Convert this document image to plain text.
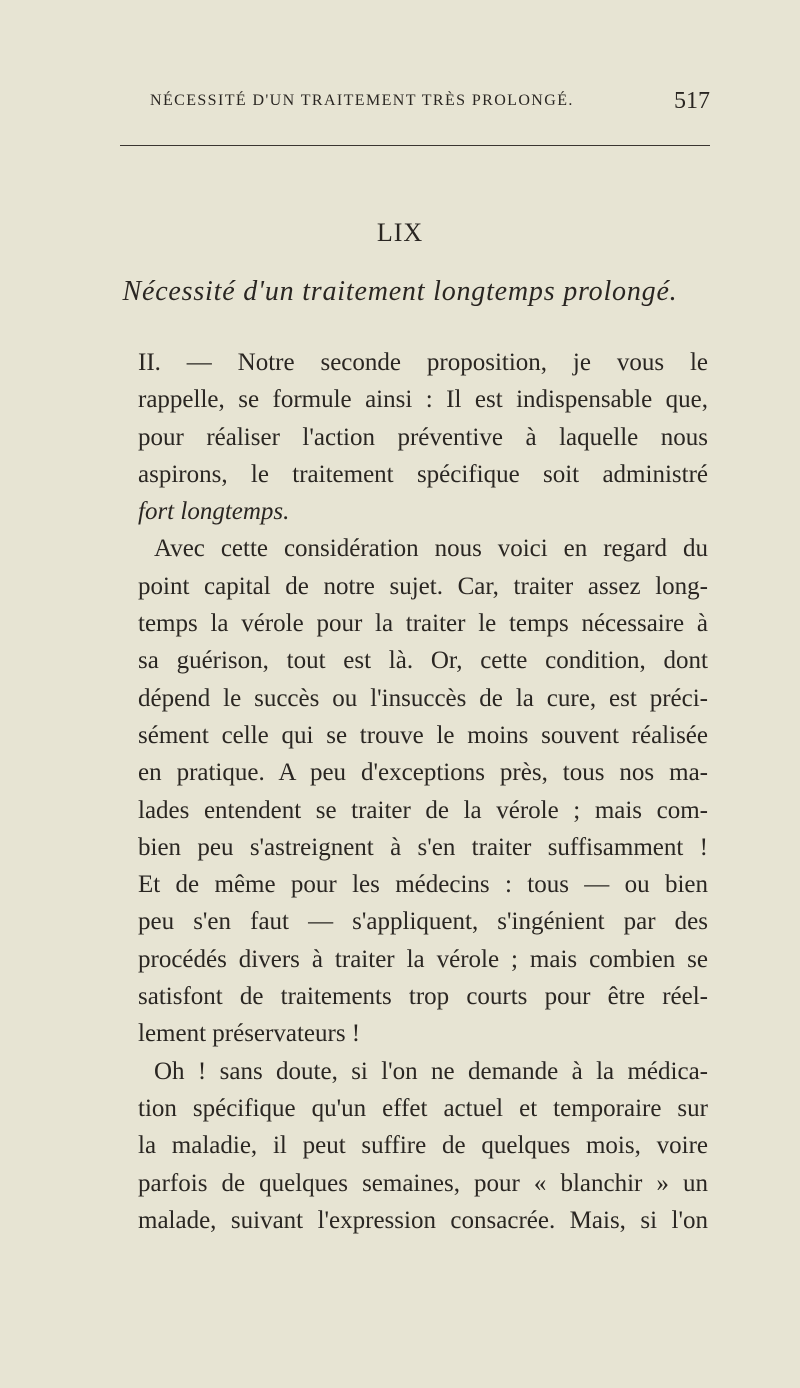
NÉCESSITÉ D'UN TRAITEMENT TRÈS PROLONGÉ.	517
LIX
Nécessité d'un traitement longtemps prolongé.
II. — Notre seconde proposition, je vous le
rappelle, se formule ainsi : Il est indispensable que,
pour réaliser l'action préventive à laquelle nous
aspirons, le traitement spécifique soit administré
fort longtemps.
Avec cette considération nous voici en regard du
point capital de notre sujet. Car, traiter assez long-
temps la vérole pour la traiter le temps nécessaire à
sa guérison, tout est là. Or, cette condition, dont
dépend le succès ou l'insuccès de la cure, est préci-
sément celle qui se trouve le moins souvent réalisée
en pratique. A peu d'exceptions près, tous nos ma-
lades entendent se traiter de la vérole ; mais com-
bien peu s'astreignent à s'en traiter suffisamment !
Et de même pour les médecins : tous — ou bien
peu s'en faut — s'appliquent, s'ingénient par des
procédés divers à traiter la vérole ; mais combien se
satisfont de traitements trop courts pour être réel-
lement préservateurs !
Oh ! sans doute, si l'on ne demande à la médica-
tion spécifique qu'un effet actuel et temporaire sur
la maladie, il peut suffire de quelques mois, voire
parfois de quelques semaines, pour « blanchir » un
malade, suivant l'expression consacrée. Mais, si l'on
